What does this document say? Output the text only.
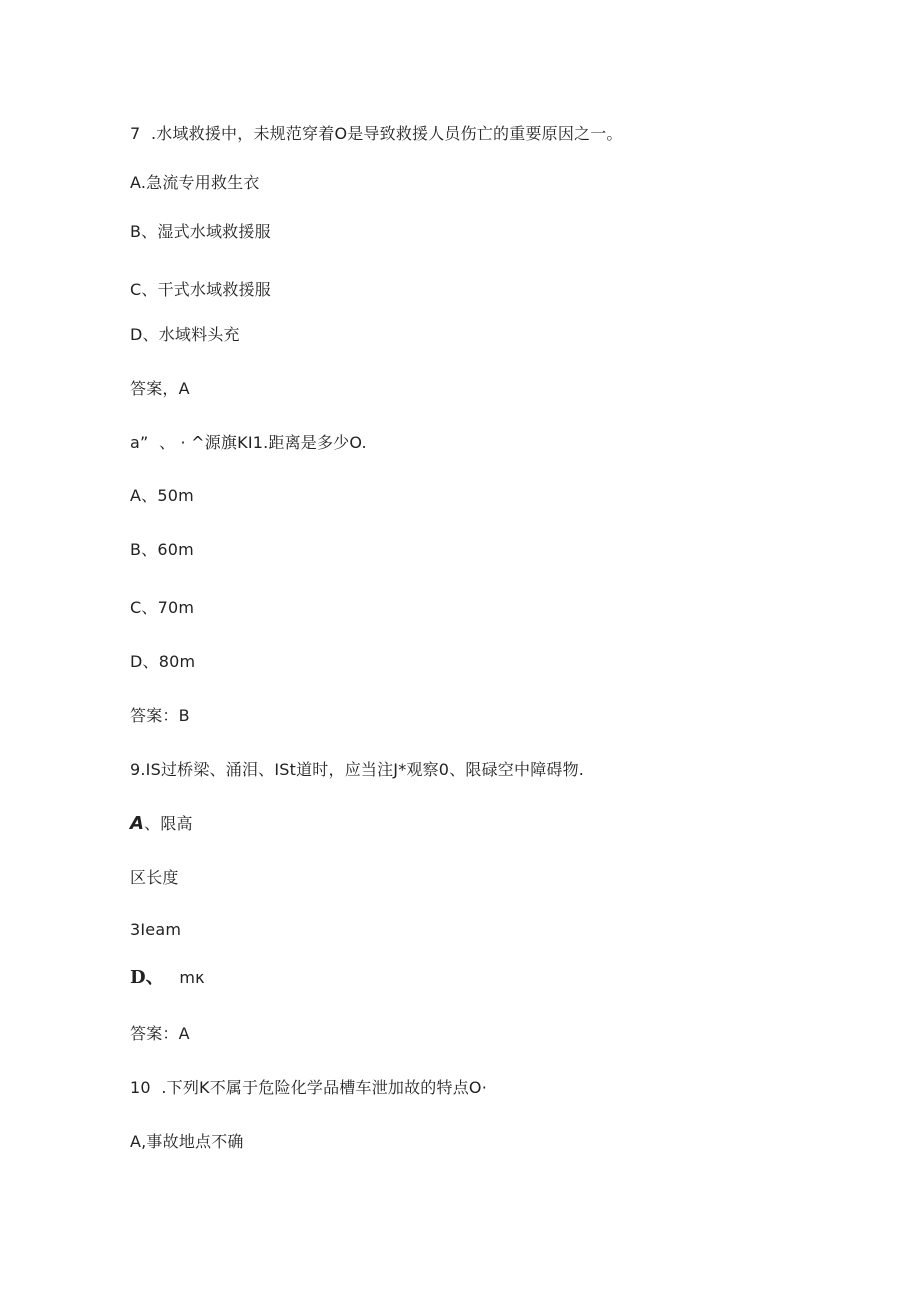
7  .水域救援中，未规范穿着O是导致救援人员伤亡的重要原因之一。
A.急流专用救生衣
B、湿式水域救援服
C、干式水域救援服
D、水域料头充
答案，A
a”  、 · ^源旗KI1.距离是多少O.
A、50m
B、60m
C、70m
D、80m
答案：B
9.IS过桥梁、涌泪、ISt道时，应当注J*观察0、限碌空中障碍物.
A、限高
区长度
3Ieam
D、 mκ
答案：A
10  .下列K不属于危险化学品槽车泄加故的特点O·
A,事故地点不确
